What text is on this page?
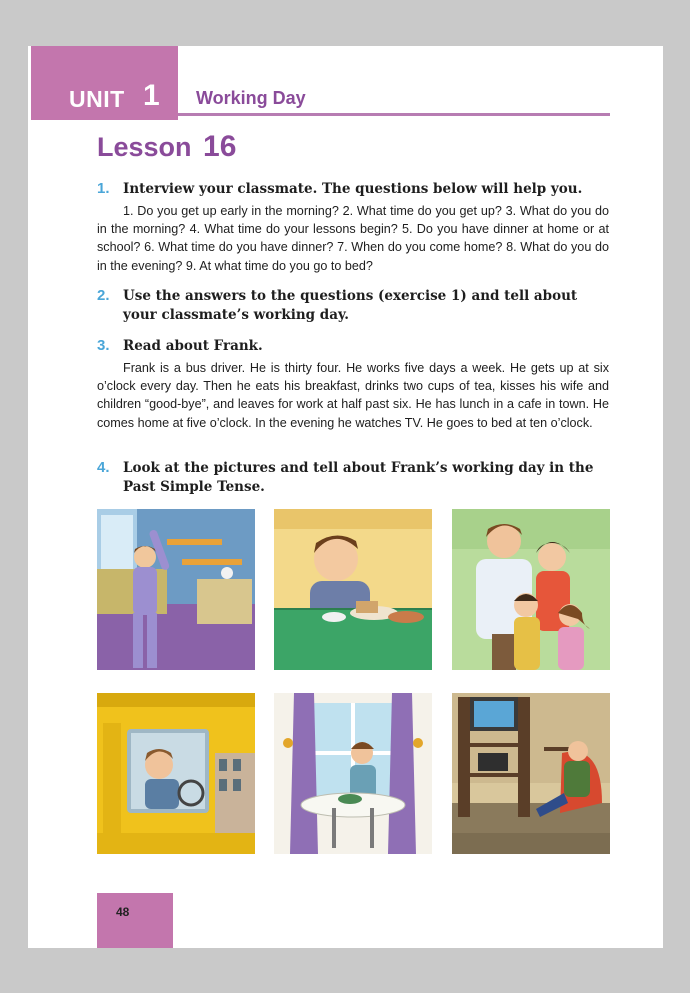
UNIT 1 Working Day
Lesson 16
1. Interview your classmate. The questions below will help you.
1. Do you get up early in the morning? 2. What time do you get up? 3. What do you do in the morning? 4. What time do your lessons begin? 5. Do you have dinner at home or at school? 6. What time do you have dinner? 7. When do you come home? 8. What do you do in the evening? 9. At what time do you go to bed?
2. Use the answers to the questions (exercise 1) and tell about your classmate’s working day.
3. Read about Frank.
Frank is a bus driver. He is thirty four. He works five days a week. He gets up at six o’clock every day. Then he eats his breakfast, drinks two cups of tea, kisses his wife and children “good-bye”, and leaves for work at half past six. He has lunch in a cafe in town. He comes home at five o’clock. In the evening he watches TV. He goes to bed at ten o’clock.
4. Look at the pictures and tell about Frank’s working day in the Past Simple Tense.
48
